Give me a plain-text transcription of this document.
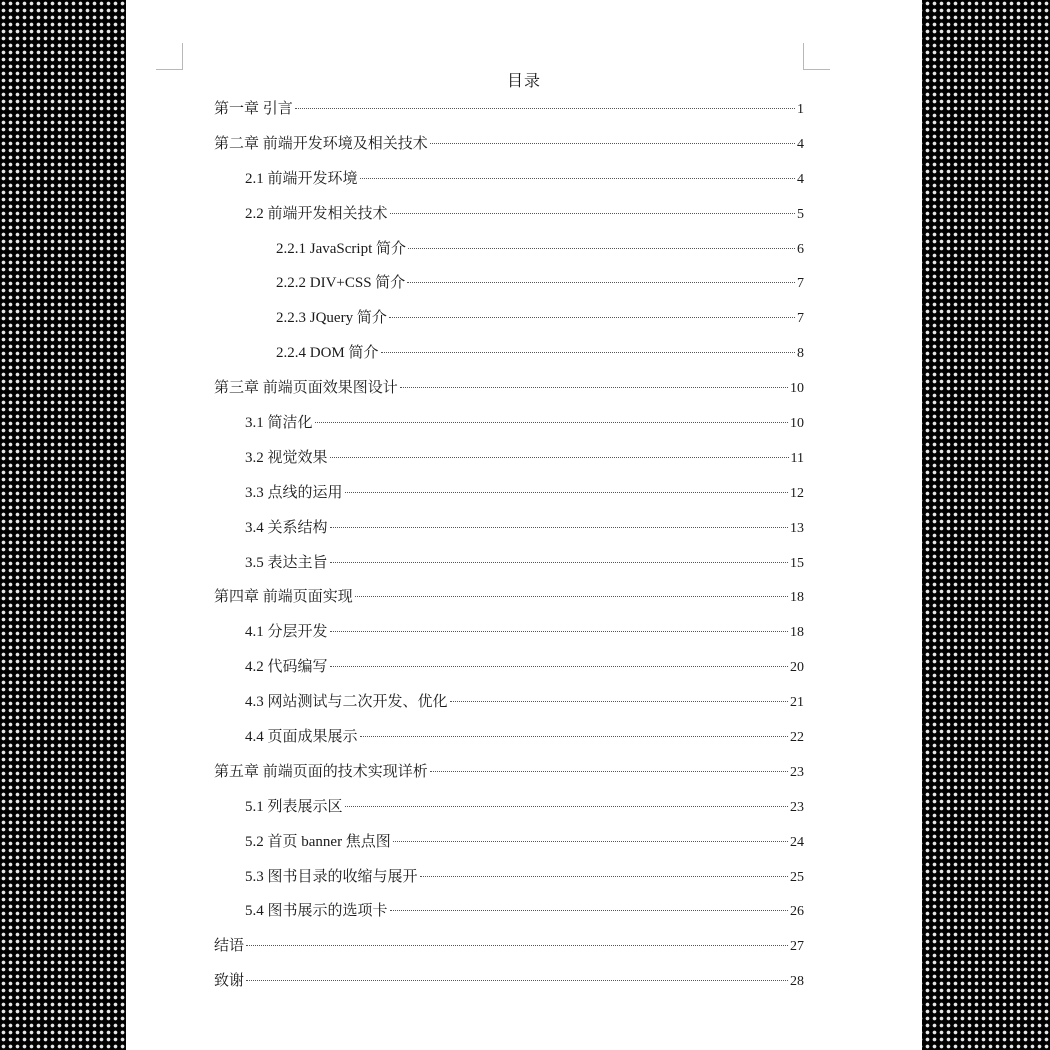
目录
第一章 引言	1
第二章 前端开发环境及相关技术	4
2.1 前端开发环境	4
2.2 前端开发相关技术	5
2.2.1 JavaScript 简介	6
2.2.2 DIV+CSS 简介	7
2.2.3 JQuery 简介	7
2.2.4 DOM 简介	8
第三章 前端页面效果图设计	10
3.1 简洁化	10
3.2 视觉效果	11
3.3 点线的运用	12
3.4 关系结构	13
3.5 表达主旨	15
第四章 前端页面实现	18
4.1 分层开发	18
4.2 代码编写	20
4.3 网站测试与二次开发、优化	21
4.4 页面成果展示	22
第五章 前端页面的技术实现详析	23
5.1 列表展示区	23
5.2 首页 banner 焦点图	24
5.3 图书目录的收缩与展开	25
5.4 图书展示的选项卡	26
结语	27
致谢	28
